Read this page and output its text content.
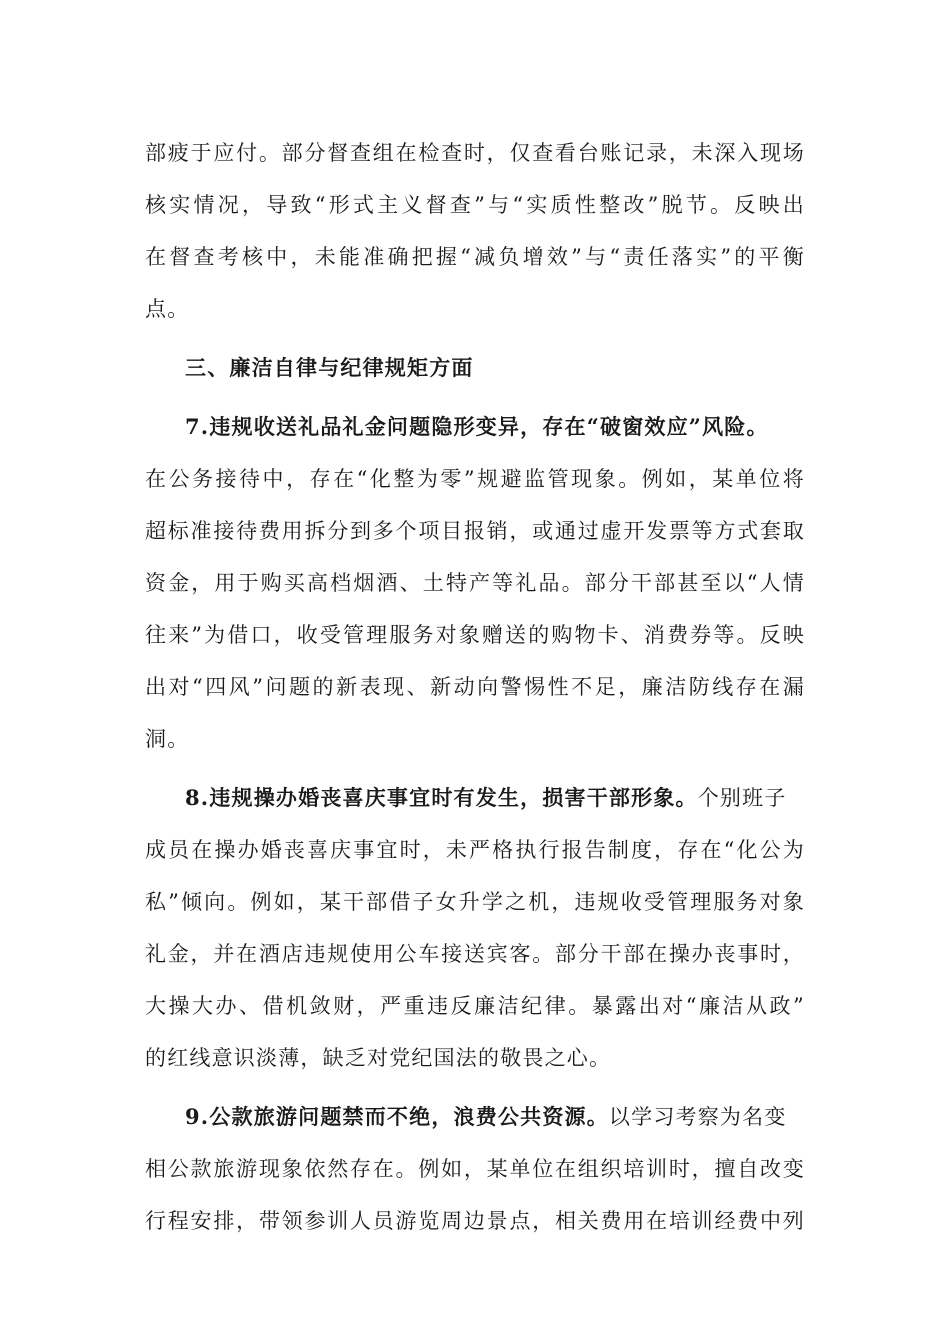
部疲于应付。部分督查组在检查时，仅查看台账记录，未深入现场
核实情况，导致“形式主义督查”与“实质性整改”脱节。反映出
在督查考核中，未能准确把握“减负增效”与“责任落实”的平衡
点。
三、廉洁自律与纪律规矩方面
7.违规收送礼品礼金问题隐形变异，存在“破窗效应”风险。
在公务接待中，存在“化整为零”规避监管现象。例如，某单位将
超标准接待费用拆分到多个项目报销，或通过虚开发票等方式套取
资金，用于购买高档烟酒、土特产等礼品。部分干部甚至以“人情
往来”为借口，收受管理服务对象赠送的购物卡、消费券等。反映
出对“四风”问题的新表现、新动向警惕性不足，廉洁防线存在漏
洞。
8.违规操办婚丧喜庆事宜时有发生，损害干部形象。个别班子
成员在操办婚丧喜庆事宜时，未严格执行报告制度，存在“化公为
私”倾向。例如，某干部借子女升学之机，违规收受管理服务对象
礼金，并在酒店违规使用公车接送宾客。部分干部在操办丧事时，
大操大办、借机敛财，严重违反廉洁纪律。暴露出对“廉洁从政”
的红线意识淡薄，缺乏对党纪国法的敬畏之心。
9.公款旅游问题禁而不绝，浪费公共资源。以学习考察为名变
相公款旅游现象依然存在。例如，某单位在组织培训时，擅自改变
行程安排，带领参训人员游览周边景点，相关费用在培训经费中列
